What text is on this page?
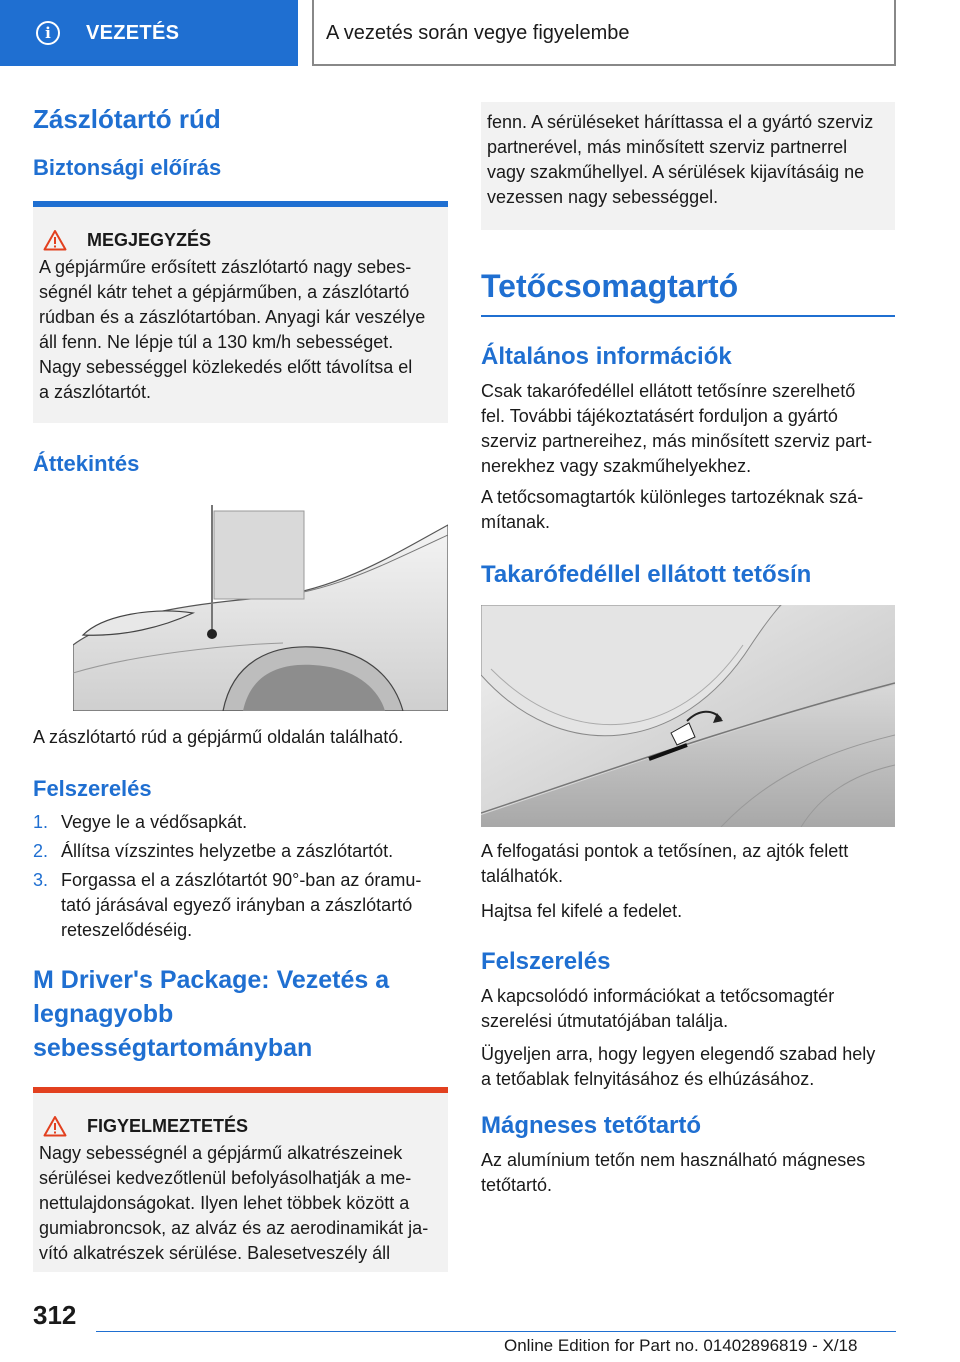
i VEZETÉS	A vezetés során vegye figyelembe
Zászlótartó rúd
Biztonsági előírás
MEGJEGYZÉS

A gépjárműre erősített zászlótartó nagy sebes-
ségnél kátr tehet a gépjárműben, a zászlótartó
rúdban és a zászlótartóban. Anyagi kár veszélye
áll fenn. Ne lépje túl a 130 km/h sebességet.
Nagy sebességgel közlekedés előtt távolítsa el
a zászlótartót.

Áttekintés

A zászlótartó rúd a gépjármű oldalán található.

Felszerelés
1. Vegye le a védősapkát.
2. Állítsa vízszintes helyzetbe a zászlótartót.
3. Forgassa el a zászlótartót 90°-ban az óramu-
tató járásával egyező irányban a zászlótartó
reteszelődéséig.
M Driver's Package: Vezetés a
legnagyobb
sebességtartományban
FIGYELMEZTETÉS

Nagy sebességnél a gépjármű alkatrészeinek
sérülései kedvezőtlenül befolyásolhatják a me-
nettulajdonságokat. Ilyen lehet többek között a
gumiabroncsok, az alváz és az aerodinamikát ja-
vító alkatrészek sérülése. Balesetveszély áll

fenn. A sérüléseket háríttassa el a gyártó szerviz
partnerével, más minősített szerviz partnerrel
vagy szakműhellyel. A sérülések kijavításáig ne
vezessen nagy sebességgel.

Tetőcsomagtartó
Általános információk

Csak takarófedéllel ellátott tetősínre szerelhető
fel. További tájékoztatásért forduljon a gyártó
szerviz partnereihez, más minősített szerviz part-
nerekhez vagy szakműhelyekhez.

A tetőcsomagtartók különleges tartozéknak szá-
mítanak.

Takarófedéllel ellátott tetősín

A felfogatási pontok a tetősínen, az ajtók felett
találhatók.

Hajtsa fel kifelé a fedelet.

Felszerelés

A kapcsolódó információkat a tetőcsomagtér
szerelési útmutatójában találja.

Ügyeljen arra, hogy legyen elegendő szabad hely
a tetőablak felnyitásához és elhúzásához.

Mágneses tetőtartó

Az alumínium tetőn nem használható mágneses
tetőtartó.

312
Online Edition for Part no. 01402896819 - X/18
